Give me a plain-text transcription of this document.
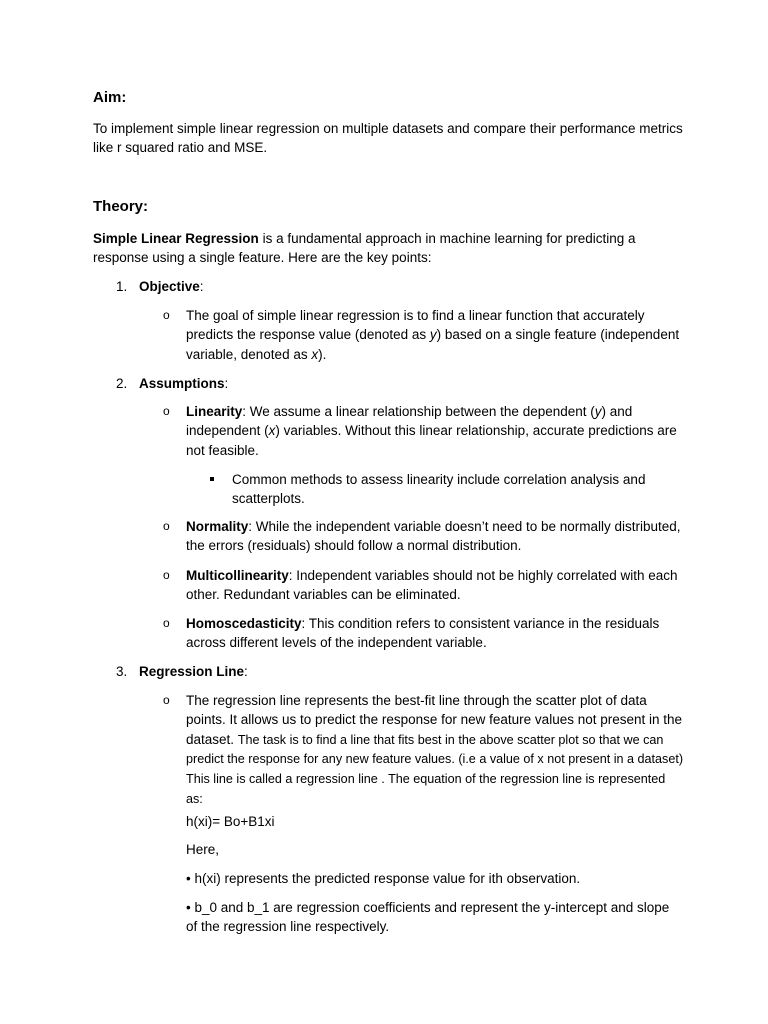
Aim:
To implement simple linear regression on multiple datasets and compare their performance metrics like r squared ratio and MSE.
Theory:
Simple Linear Regression is a fundamental approach in machine learning for predicting a response using a single feature. Here are the key points:
1. Objective:
o The goal of simple linear regression is to find a linear function that accurately predicts the response value (denoted as y) based on a single feature (independent variable, denoted as x).
2. Assumptions:
o Linearity: We assume a linear relationship between the dependent (y) and independent (x) variables. Without this linear relationship, accurate predictions are not feasible.
Common methods to assess linearity include correlation analysis and scatterplots.
o Normality: While the independent variable doesn’t need to be normally distributed, the errors (residuals) should follow a normal distribution.
o Multicollinearity: Independent variables should not be highly correlated with each other. Redundant variables can be eliminated.
o Homoscedasticity: This condition refers to consistent variance in the residuals across different levels of the independent variable.
3. Regression Line:
o The regression line represents the best-fit line through the scatter plot of data points. It allows us to predict the response for new feature values not present in the dataset. The task is to find a line that fits best in the above scatter plot so that we can predict the response for any new feature values. (i.e a value of x not present in a dataset) This line is called a regression line . The equation of the regression line is represented as:
h(xi)= Bo+B1xi
Here,
• h(xi) represents the predicted response value for ith observation.
• b_0 and b_1 are regression coefficients and represent the y-intercept and slope of the regression line respectively.
